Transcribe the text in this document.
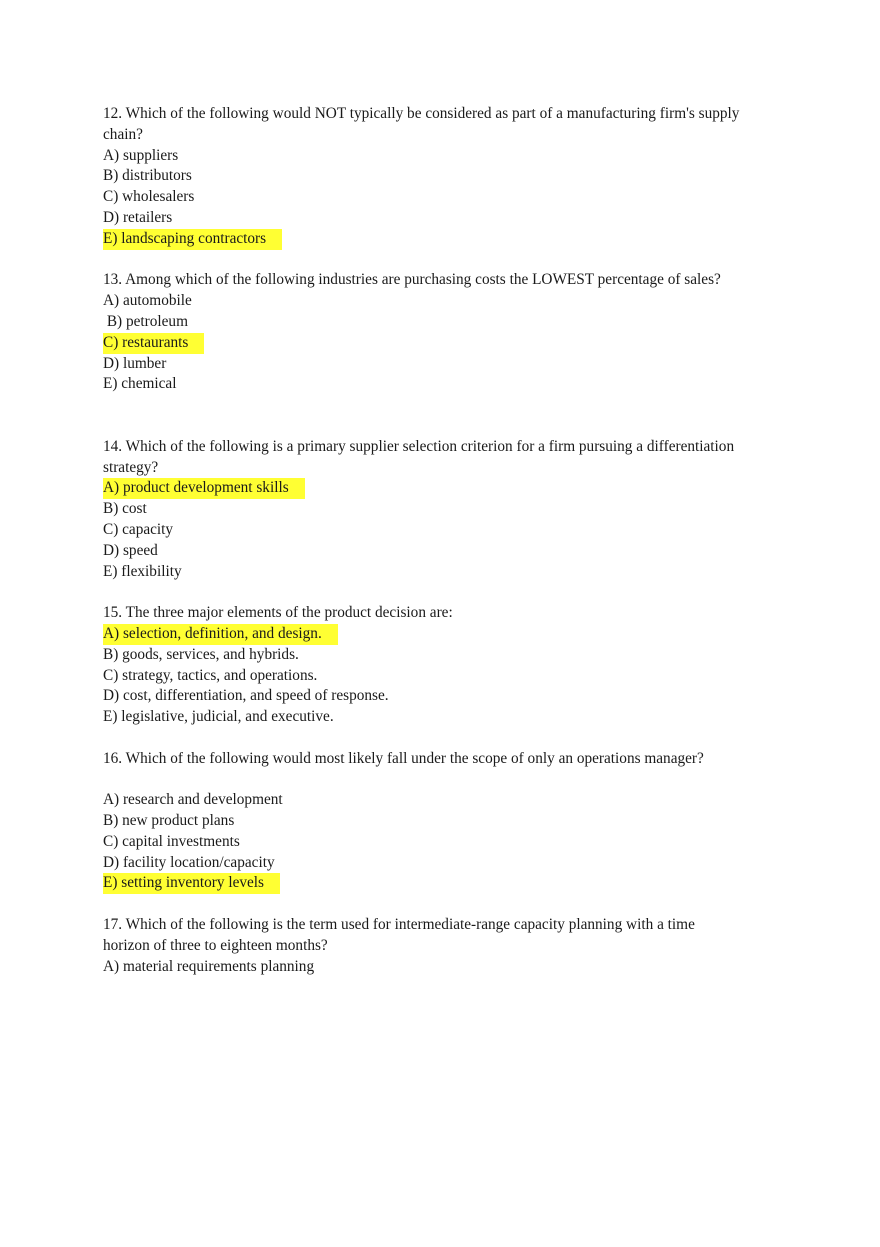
12. Which of the following would NOT typically be considered as part of a manufacturing firm's supply chain?
A) suppliers
B) distributors
C) wholesalers
D) retailers
E) landscaping contractors
13. Among which of the following industries are purchasing costs the LOWEST percentage of sales?
A) automobile
B) petroleum
C) restaurants
D) lumber
E) chemical
14. Which of the following is a primary supplier selection criterion for a firm pursuing a differentiation strategy?
A) product development skills
B) cost
C) capacity
D) speed
E) flexibility
15. The three major elements of the product decision are:
A) selection, definition, and design.
B) goods, services, and hybrids.
C) strategy, tactics, and operations.
D) cost, differentiation, and speed of response.
E) legislative, judicial, and executive.
16. Which of the following would most likely fall under the scope of only an operations manager?
A) research and development
B) new product plans
C) capital investments
D) facility location/capacity
E) setting inventory levels
17. Which of the following is the term used for intermediate-range capacity planning with a time horizon of three to eighteen months?
A) material requirements planning
